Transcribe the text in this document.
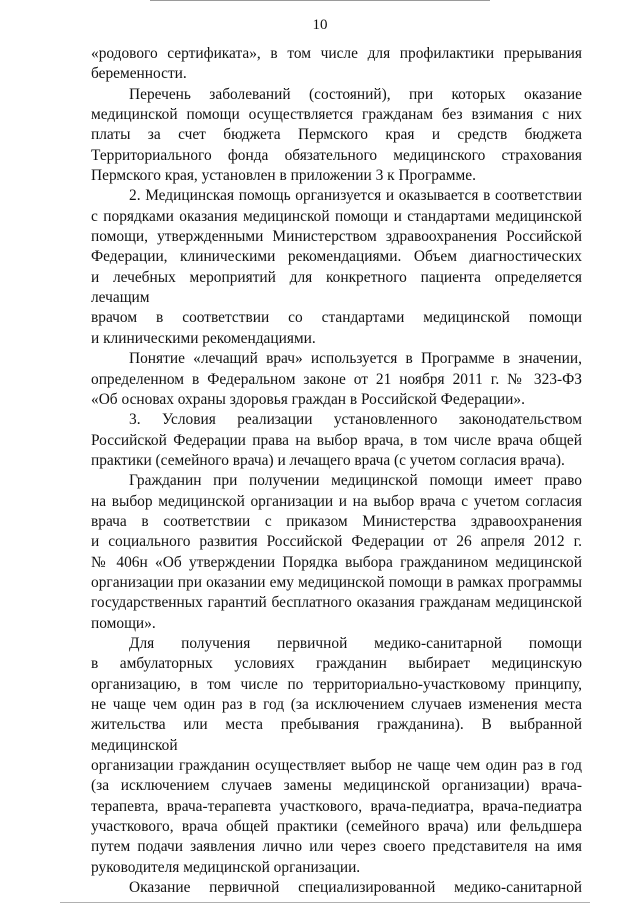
10

«родового сертификата», в том числе для профилактики прерывания
беременности.

Перечень заболеваний (состояний), при которых оказание
медицинской помощи осуществляется гражданам без взимания с них
платы за счет бюджета Пермского края и средств бюджета
Территориального фонда обязательного медицинского страхования
Пермского края, установлен в приложении 3 к Программе.

2. Медицинская помощь организуется и оказывается в соответствии
с порядками оказания медицинской помощи и стандартами медицинской
помощи, утвержденными Министерством здравоохранения Российской
Федерации, клиническими рекомендациями. Объем диагностических
и лечебных мероприятий для конкретного пациента определяется лечащим
врачом в соответствии со стандартами медицинской помощи
и клиническими рекомендациями.

Понятие «лечащий врач» используется в Программе в значении,
определенном в Федеральном законе от 21 ноября 2011 г. № 323-ФЗ
«Об основах охраны здоровья граждан в Российской Федерации».

3. Условия реализации установленного законодательством
Российской Федерации права на выбор врача, в том числе врача общей
практики (семейного врача) и лечащего врача (с учетом согласия врача).

Гражданин при получении медицинской помощи имеет право
на выбор медицинской организации и на выбор врача с учетом согласия
врача в соответствии с приказом Министерства здравоохранения
и социального развития Российской Федерации от 26 апреля 2012 г.
№ 406н «Об утверждении Порядка выбора гражданином медицинской
организации при оказании ему медицинской помощи в рамках программы
государственных гарантий бесплатного оказания гражданам медицинской
помощи».

Для получения первичной медико-санитарной помощи
в амбулаторных условиях гражданин выбирает медицинскую
организацию, в том числе по территориально-участковому принципу,
не чаще чем один раз в год (за исключением случаев изменения места
жительства или места пребывания гражданина). В выбранной медицинской
организации гражданин осуществляет выбор не чаще чем один раз в год
(за исключением случаев замены медицинской организации) врача-
терапевта, врача-терапевта участкового, врача-педиатра, врача-педиатра
участкового, врача общей практики (семейного врача) или фельдшера
путем подачи заявления лично или через своего представителя на имя
руководителя медицинской организации.

Оказание первичной специализированной медико-санитарной
